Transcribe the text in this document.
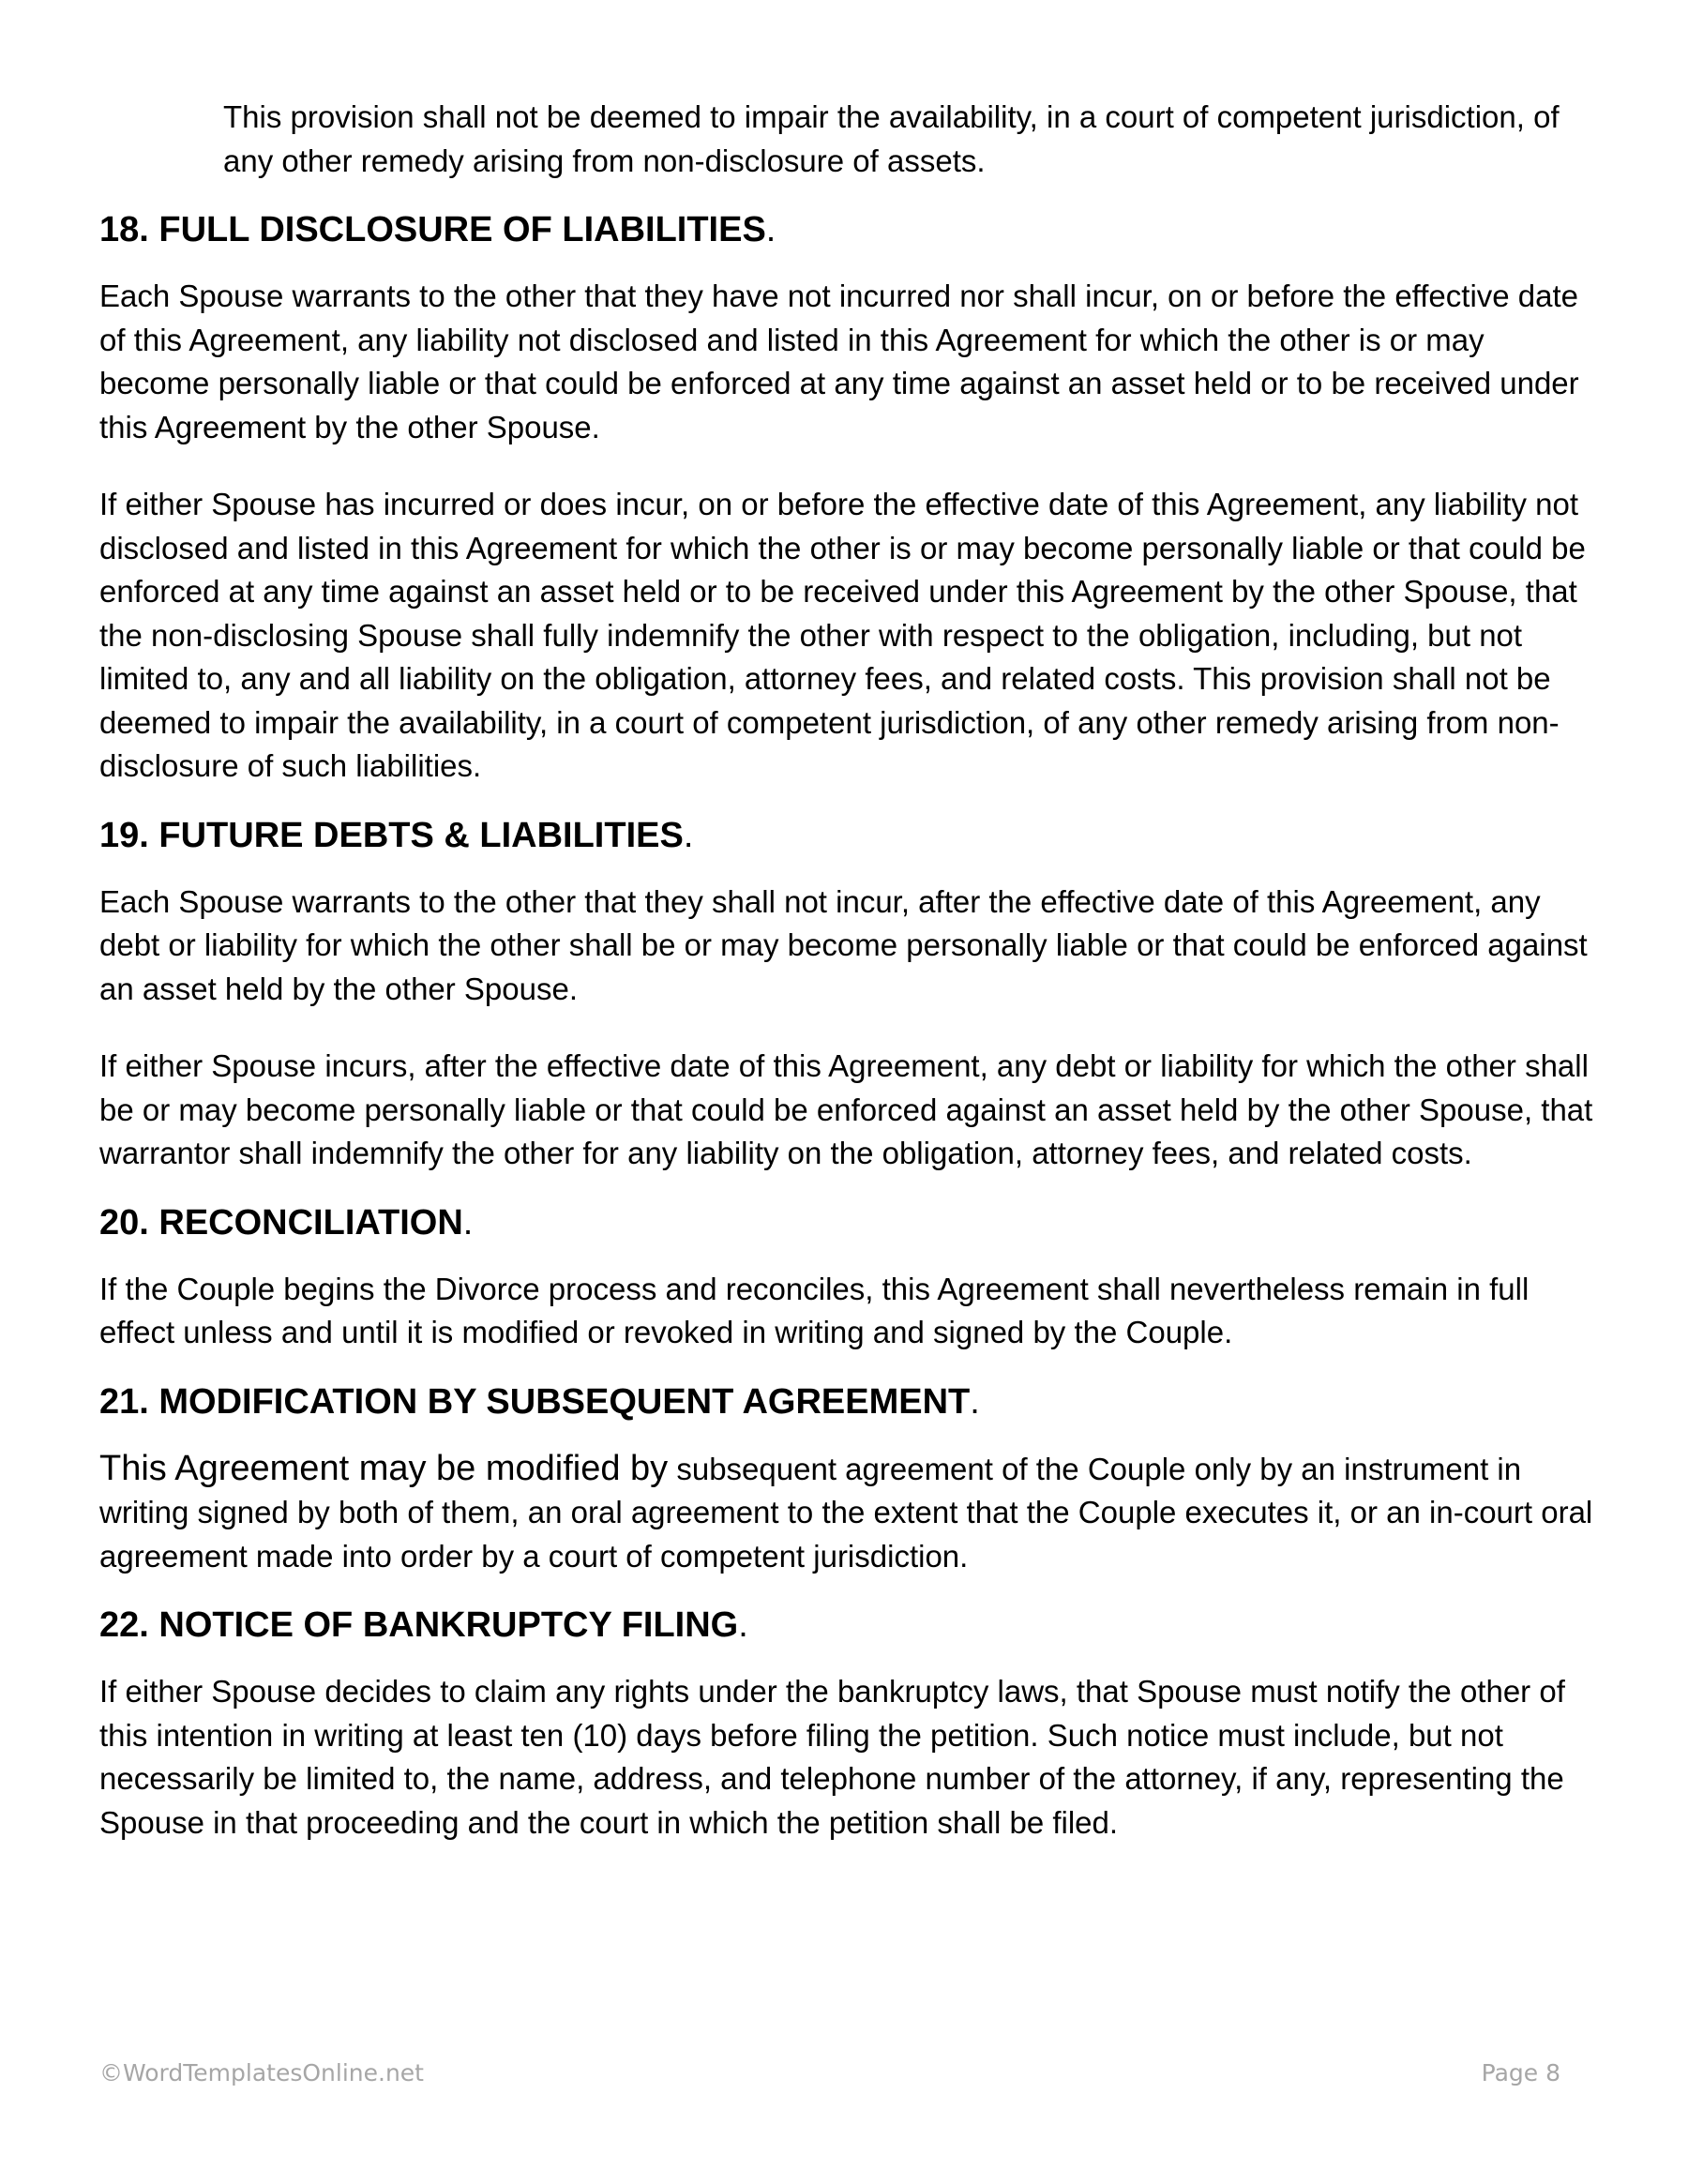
This provision shall not be deemed to impair the availability, in a court of competent jurisdiction, of any other remedy arising from non-disclosure of assets.

18. FULL DISCLOSURE OF LIABILITIES.

Each Spouse warrants to the other that they have not incurred nor shall incur, on or before the effective date of this Agreement, any liability not disclosed and listed in this Agreement for which the other is or may become personally liable or that could be enforced at any time against an asset held or to be received under this Agreement by the other Spouse.

If either Spouse has incurred or does incur, on or before the effective date of this Agreement, any liability not disclosed and listed in this Agreement for which the other is or may become personally liable or that could be enforced at any time against an asset held or to be received under this Agreement by the other Spouse, that the non-disclosing Spouse shall fully indemnify the other with respect to the obligation, including, but not limited to, any and all liability on the obligation, attorney fees, and related costs. This provision shall not be deemed to impair the availability, in a court of competent jurisdiction, of any other remedy arising from non-disclosure of such liabilities.

19. FUTURE DEBTS & LIABILITIES.

Each Spouse warrants to the other that they shall not incur, after the effective date of this Agreement, any debt or liability for which the other shall be or may become personally liable or that could be enforced against an asset held by the other Spouse.

If either Spouse incurs, after the effective date of this Agreement, any debt or liability for which the other shall be or may become personally liable or that could be enforced against an asset held by the other Spouse, that warrantor shall indemnify the other for any liability on the obligation, attorney fees, and related costs.

20. RECONCILIATION.

If the Couple begins the Divorce process and reconciles, this Agreement shall nevertheless remain in full effect unless and until it is modified or revoked in writing and signed by the Couple.

21. MODIFICATION BY SUBSEQUENT AGREEMENT.

This Agreement may be modified by subsequent agreement of the Couple only by an instrument in writing signed by both of them, an oral agreement to the extent that the Couple executes it, or an in-court oral agreement made into order by a court of competent jurisdiction.

22. NOTICE OF BANKRUPTCY FILING.

If either Spouse decides to claim any rights under the bankruptcy laws, that Spouse must notify the other of this intention in writing at least ten (10) days before filing the petition. Such notice must include, but not necessarily be limited to, the name, address, and telephone number of the attorney, if any, representing the Spouse in that proceeding and the court in which the petition shall be filed.

©WordTemplatesOnline.net	Page 8
